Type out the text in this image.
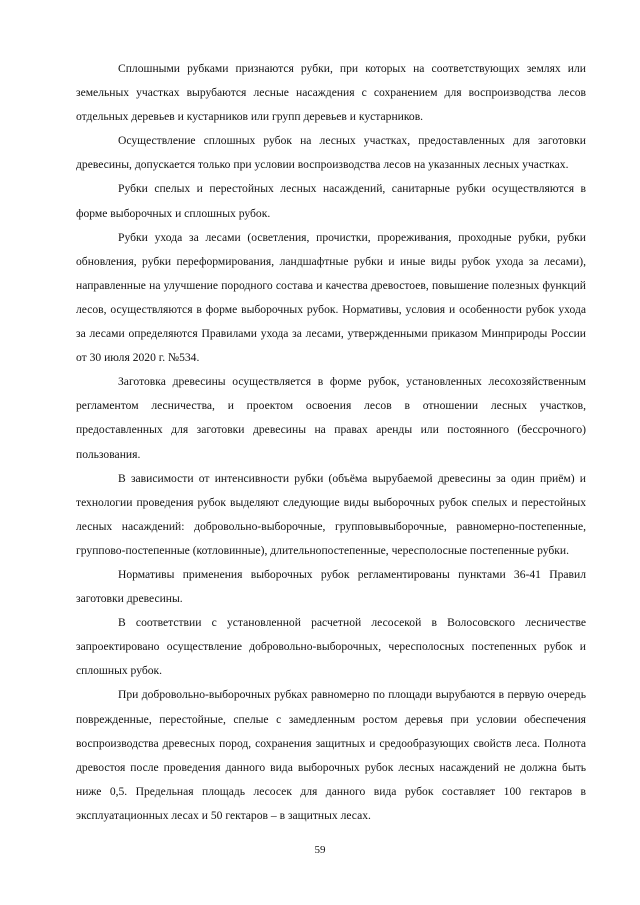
Сплошными рубками признаются рубки, при которых на соответствующих землях или земельных участках вырубаются лесные насаждения с сохранением для воспроизводства лесов отдельных деревьев и кустарников или групп деревьев и кустарников.

Осуществление сплошных рубок на лесных участках, предоставленных для заготовки древесины, допускается только при условии воспроизводства лесов на указанных лесных участках.

Рубки спелых и перестойных лесных насаждений, санитарные рубки осуществляются в форме выборочных и сплошных рубок.

Рубки ухода за лесами (осветления, прочистки, прореживания, проходные рубки, рубки обновления, рубки переформирования, ландшафтные рубки и иные виды рубок ухода за лесами), направленные на улучшение породного состава и качества древостоев, повышение полезных функций лесов, осуществляются в форме выборочных рубок. Нормативы, условия и особенности рубок ухода за лесами определяются Правилами ухода за лесами, утвержденными приказом Минприроды России от 30 июля 2020 г. №534.

Заготовка древесины осуществляется в форме рубок, установленных лесохозяйственным регламентом лесничества, и проектом освоения лесов в отношении лесных участков, предоставленных для заготовки древесины на правах аренды или постоянного (бессрочного) пользования.

В зависимости от интенсивности рубки (объёма вырубаемой древесины за один приём) и технологии проведения рубок выделяют следующие виды выборочных рубок спелых и перестойных лесных насаждений: добровольно-выборочные, групповывыборочные, равномерно-постепенные, группово-постепенные (котловинные), длительнопостепенные, чересполосные постепенные рубки.

Нормативы применения выборочных рубок регламентированы пунктами 36-41 Правил заготовки древесины.

В соответствии с установленной расчетной лесосекой в Волосовского лесничестве запроектировано осуществление добровольно-выборочных, чересполосных постепенных рубок и сплошных рубок.

При добровольно-выборочных рубках равномерно по площади вырубаются в первую очередь поврежденные, перестойные, спелые с замедленным ростом деревья при условии обеспечения воспроизводства древесных пород, сохранения защитных и средообразующих свойств леса. Полнота древостоя после проведения данного вида выборочных рубок лесных насаждений не должна быть ниже 0,5. Предельная площадь лесосек для данного вида рубок составляет 100 гектаров в эксплуатационных лесах и 50 гектаров – в защитных лесах.

59
